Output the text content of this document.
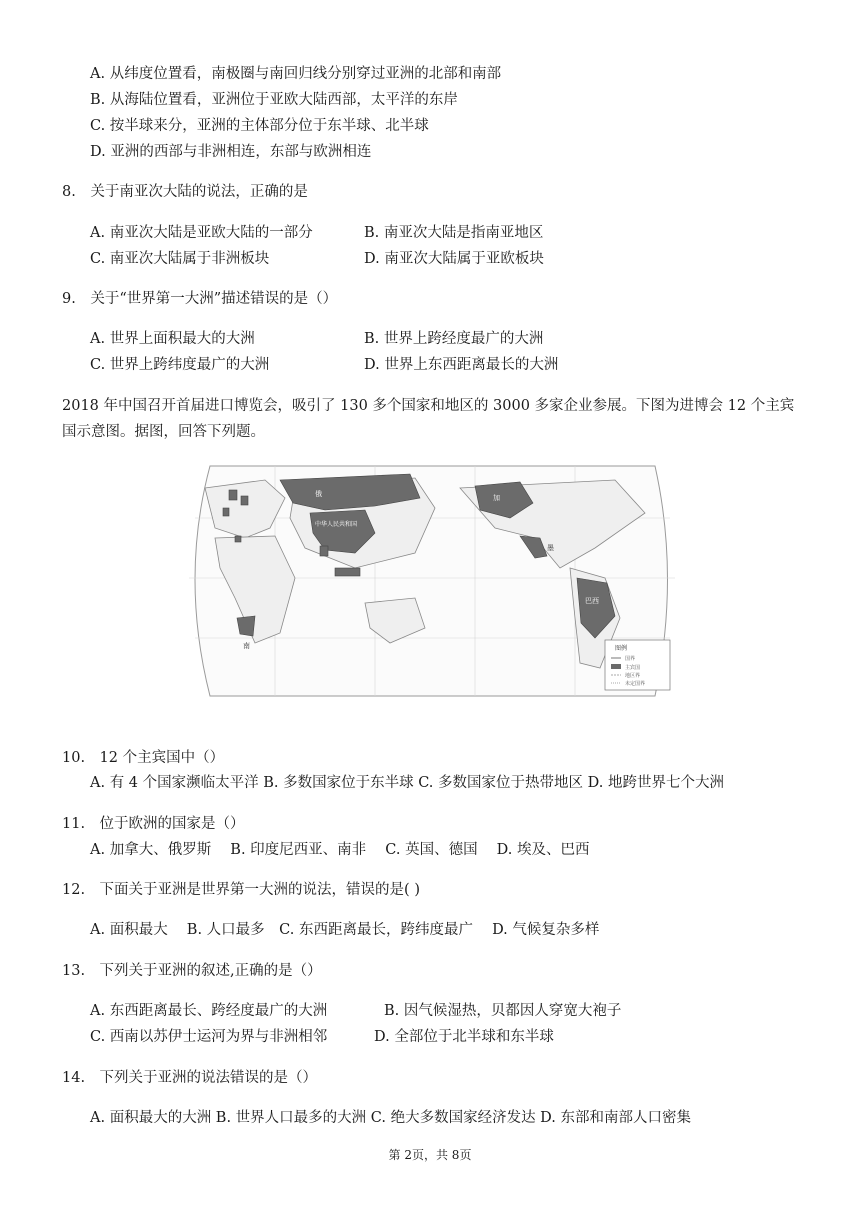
A. 从纬度位置看，南极圈与南回归线分别穿过亚洲的北部和南部
B. 从海陆位置看，亚洲位于亚欧大陆西部，太平洋的东岸
C. 按半球来分，亚洲的主体部分位于东半球、北半球
D. 亚洲的西部与非洲相连，东部与欧洲相连
8.　关于南亚次大陆的说法，正确的是
A. 南亚次大陆是亚欧大陆的一部分	B. 南亚次大陆是指南亚地区
C. 南亚次大陆属于非洲板块	D. 南亚次大陆属于亚欧板块
9.　关于“世界第一大洲”描述错误的是（）
A. 世界上面积最大的大洲	B. 世界上跨经度最广的大洲
C. 世界上跨纬度最广的大洲	D. 世界上东西距离最长的大洲
2018 年中国召开首届进口博览会，吸引了 130 多个国家和地区的 3000 多家企业参展。下图为进博会 12 个主宾
国示意图。据图，回答下列题。
俄
中华人民共和国
加
巴西
墨
南	图例
国界
主宾国
地区界
未定国界
10.　12 个主宾国中（）
A. 有 4 个国家濒临太平洋 B. 多数国家位于东半球 C. 多数国家位于热带地区 D. 地跨世界七个大洲
11.　位于欧洲的国家是（）
A. 加拿大、俄罗斯　 B. 印度尼西亚、南非　 C. 英国、德国　 D. 埃及、巴西
12.　下面关于亚洲是世界第一大洲的说法，错误的是( )
A. 面积最大　 B. 人口最多　C. 东西距离最长，跨纬度最广　 D. 气候复杂多样
13.　下列关于亚洲的叙述,正确的是（）
A. 东西距离最长、跨经度最广的大洲	B. 因气候湿热，贝都因人穿宽大袍子
C. 西南以苏伊士运河为界与非洲相邻	D. 全部位于北半球和东半球
14.　下列关于亚洲的说法错误的是（）
A. 面积最大的大洲 B. 世界人口最多的大洲 C. 绝大多数国家经济发达 D. 东部和南部人口密集
第 2页，共 8页
